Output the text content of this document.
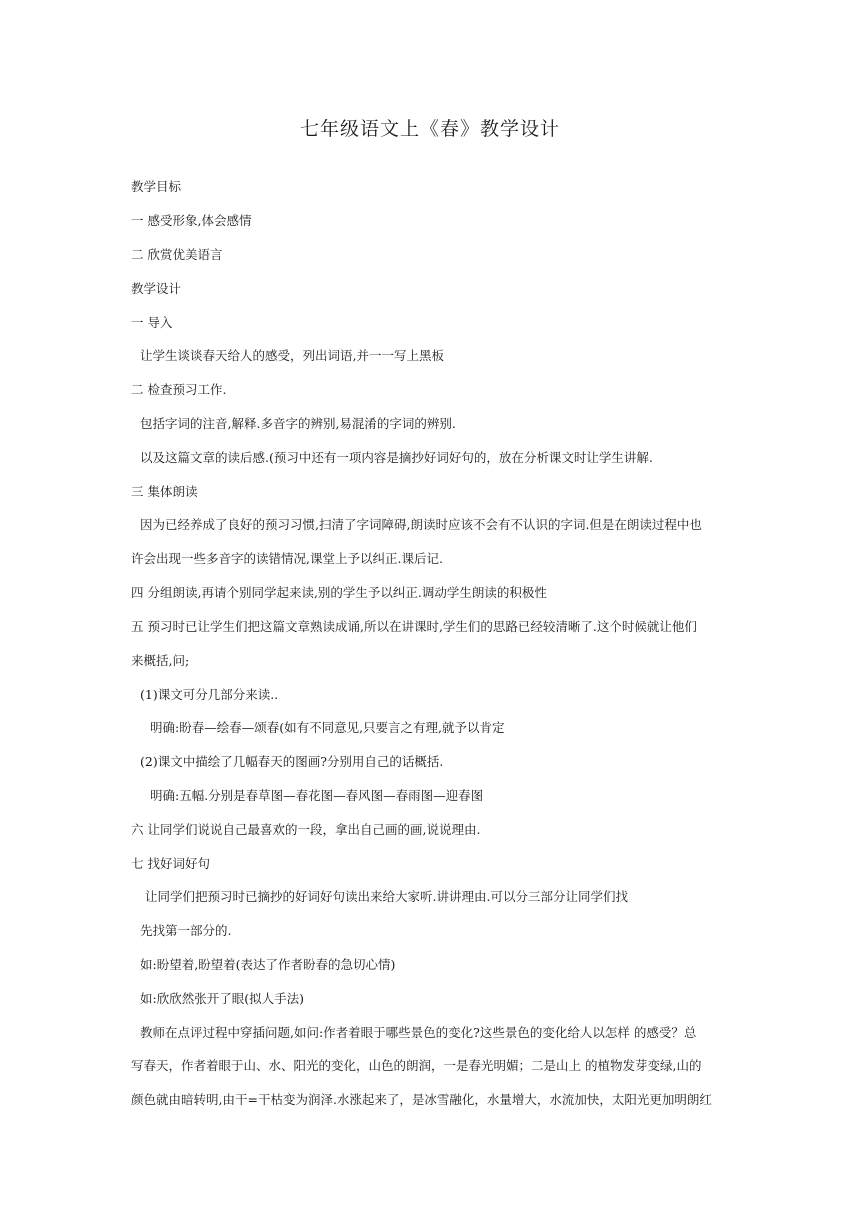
七年级语文上《春》教学设计
教学目标
一 感受形象,体会感情
二 欣赏优美语言
教学设计
一 导入
让学生谈谈春天给人的感受，列出词语,并一一写上黑板
二 检查预习工作.
包括字词的注音,解释.多音字的辨别,易混淆的字词的辨别.
以及这篇文章的读后感.(预习中还有一项内容是摘抄好词好句的，放在分析课文时让学生讲解.
三 集体朗读
因为已经养成了良好的预习习惯,扫清了字词障碍,朗读时应该不会有不认识的字词.但是在朗读过程中也
许会出现一些多音字的读错情况,课堂上予以纠正.课后记.
四 分组朗读,再请个别同学起来读,别的学生予以纠正.调动学生朗读的积极性
五 预习时已让学生们把这篇文章熟读成诵,所以在讲课时,学生们的思路已经较清晰了.这个时候就让他们
来概括,问;
(1)课文可分几部分来读..
明确:盼春—绘春—颂春(如有不同意见,只要言之有理,就予以肯定
(2)课文中描绘了几幅春天的图画?分别用自己的话概括.
明确:五幅.分别是春草图—春花图—春风图—春雨图—迎春图
六 让同学们说说自己最喜欢的一段，拿出自己画的画,说说理由.
七 找好词好句
让同学们把预习时已摘抄的好词好句读出来给大家听.讲讲理由.可以分三部分让同学们找
先找第一部分的.
如:盼望着,盼望着(表达了作者盼春的急切心情)
如:欣欣然张开了眼(拟人手法)
教师在点评过程中穿插问题,如问:作者着眼于哪些景色的变化?这些景色的变化给人以怎样 的感受？总
写春天，作者着眼于山、水、阳光的变化，山色的朗润，一是春光明媚；二是山上 的植物发芽变绿,山的
颜色就由暗转明,由干=干枯变为润泽.水涨起来了，是冰雪融化，水量增大，水流加快，太阳光更加明朗红
